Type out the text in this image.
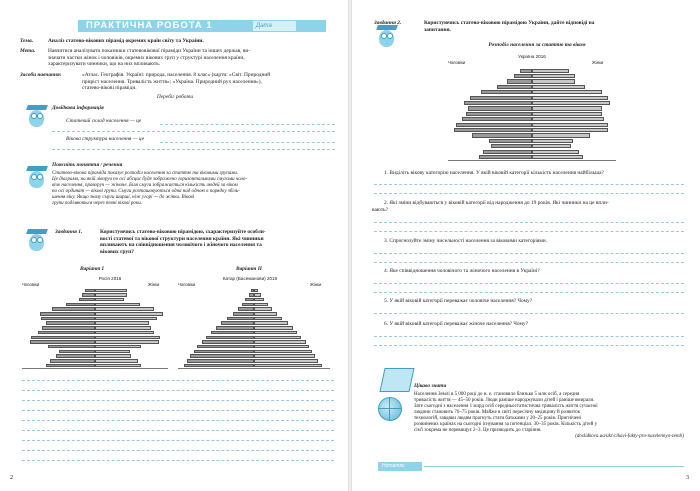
ПРАКТИЧНА РОБОТА 1	Дата
Тема.	Аналіз статево-вікових пірамід окремих країн світу та України.
Мета. Навчитися аналізувати показники статевовікової піраміди України та інших держав, ви-
значати частки жінок і чоловіків, окремих вікових груп у структурі населення країни,
характеризувати чинники, що на них впливають.
Засоби навчання:	«Атлас. Географія. Україні: природа, населення. 8 клас» (карти: «Світ. Природний
приріст населення. Тривалість життя»; «Україна. Природний рух населення»),
статево-вікові піраміди.
Перебіг роботи
Довідкова інформація
Статевий склад населення — це
Вікова структура населення — це
Поясніть поняття / речення
Статево-вікова піраміда показує розподіл населення за статтю та віковими групами.
Це діаграма, на якій ліворуч по осі абсцис буде зображено горизонтальними смугами чоло-
віче населення, праворуч — жіноче. Біля смуги зображається кількість людей за віком
по осі ординат — вікові групи. Смуги розташовуються одна над одною в порядку збіль-
шення віку. Якщо знизу смуги ширші, ніж угорі — до жінки. Вікові
групи поділяються через певні вікові роки.
Завдання 1.	Користуючись статево-віковою пірамідою, схарактеризуйте особли-
вості статевої та вікової структури населення країни. Які чинники
впливають на співвідношення чоловічого і жіночого населення та
вікових груп?
Варіант І	Варіант ІІ
Росія 2016
Чоловіки	Жінки
Катар (Басеманови) 2016
Чоловіки	Жінки
2
Завдання 2.	Користуючись статево-віковою пірамідою України, дайте відповіді на
запитання.
Розподіл населення за статтю та віком
Україна 2016
Чоловіки	Жінки
1. Виділіть вікову категорію населення. У якій віковій категорії кількість населення найбільша?
2. Які зміни відбуваються у віковій категорії від народження до 19 років. Які чинники на це впли-
вають?
3. Спрогнозуйте зміну чисельності населення за віковими категоріями.
4. Яке співвідношення чоловічого та жіночого населення в Україні?
5. У якій віковій категорії переважає чоловіче населення? Чому?
6. У якій віковій категорії переважає жіноче населення? Чому?
Цікаво знати
Населення Землі в 5 000 році до н. е. становило близько 5 млн осіб, а середня
тривалість життя — 45–50 років. Люди раніше народжували дітей і раніше вмирали.
Зате сьогодні з населення 1 млрд осіб середньостатистична тривалість життя сучасної
людини становить 76–75 років. Майже в світі пересічну медицину й розвиток
технологій, завдяки людям прагнуть стати батьками у 20–25 років. Пригнічені
розвинених країнах на сьогодні існування за потенціал. 30–35 років. Кількість дітей у
сім'ї зокрема не перевищує 2–3. Це призводить до старіння.
(doslidkova.ua/ukr/cikavi-fakty-pro-naselennya-zemli)
Нотатки
3
